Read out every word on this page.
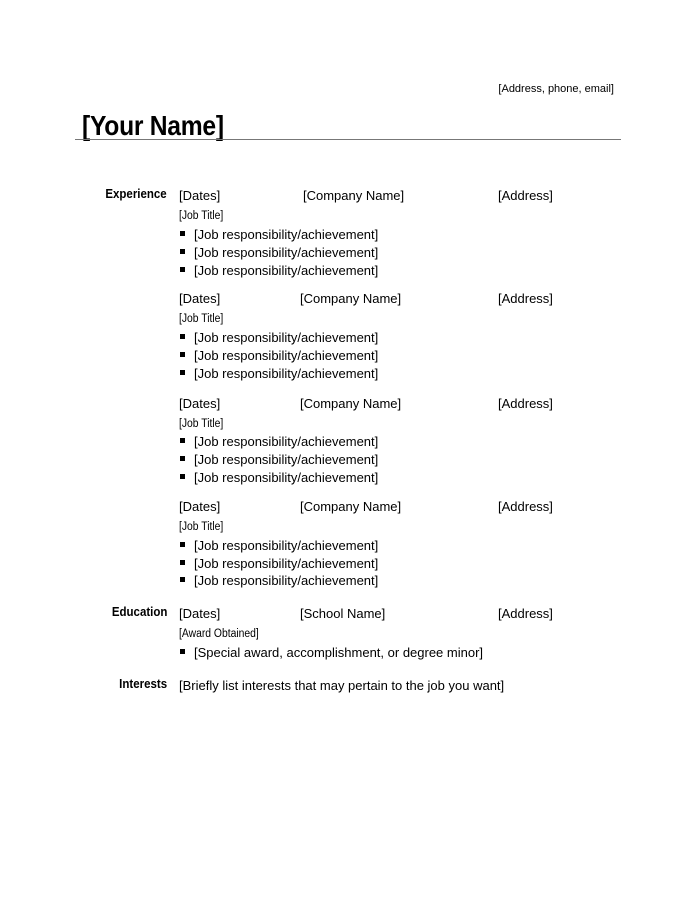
[Address, phone, email]
[Your Name]
Experience [Dates]	[Company Name]	[Address]
[Job Title]
[Job responsibility/achievement]
[Job responsibility/achievement]
[Job responsibility/achievement]
[Dates]	[Company Name]	[Address]
[Job Title]
[Job responsibility/achievement]
[Job responsibility/achievement]
[Job responsibility/achievement]
[Dates]	[Company Name]	[Address]
[Job Title]
[Job responsibility/achievement]
[Job responsibility/achievement]
[Job responsibility/achievement]
[Dates]	[Company Name]	[Address]
[Job Title]
[Job responsibility/achievement]
[Job responsibility/achievement]
[Job responsibility/achievement]
Education [Dates]	[School Name]	[Address]
[Award Obtained]
[Special award, accomplishment, or degree minor]
Interests [Briefly list interests that may pertain to the job you want]
